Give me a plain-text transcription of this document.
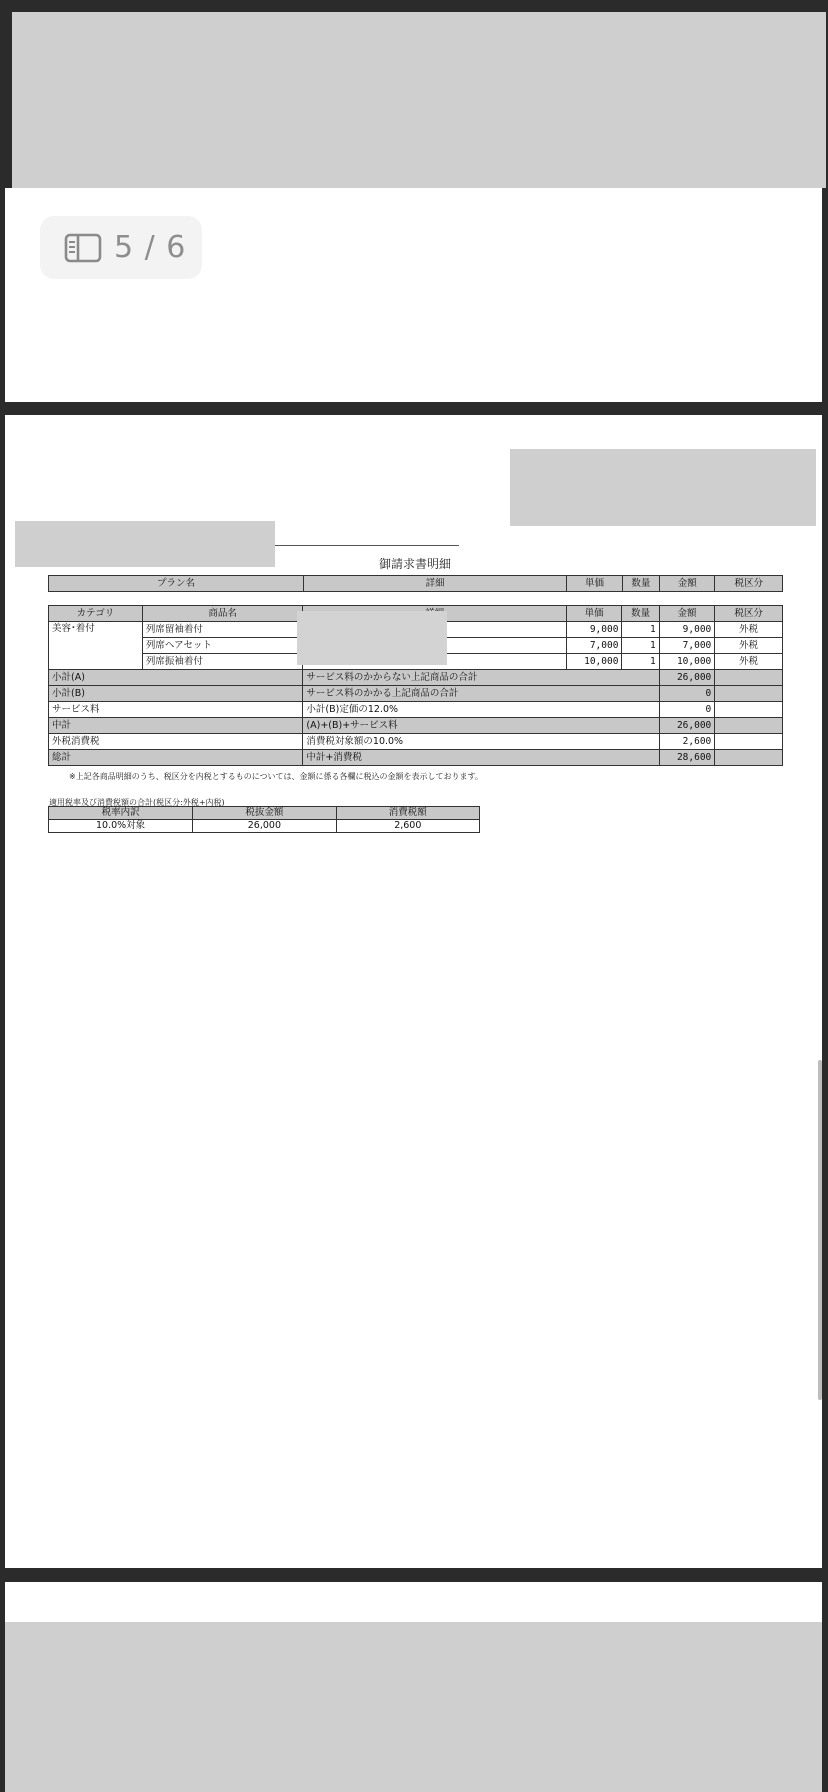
5 / 6
御請求書明細
プラン名	詳細	単価	数量	金額	税区分
カテゴリ	商品名		単価	数量	金額	税区分
美容･着付	列席留袖着付		9,000	1	9,000	外税
	列席ヘアセット		7,000	1	7,000	外税
	列席振袖着付		10,000	1	10,000	外税
小計(A)		サービス料のかからない上記商品の合計			26,000	
小計(B)		サービス料のかかる上記商品の合計			0	
サービス料		小計(B)定価の12.0%			0	
中計		(A)+(B)+サービス料			26,000	
外税消費税		消費税対象額の10.0%			2,600	
総計		中計+消費税			28,600	
※上記各商品明細のうち、税区分を内税とするものについては、金額に係る各欄に税込の金額を表示しております。
適用税率及び消費税額の合計(税区分:外税+内税)
税率内訳	税抜金額	消費税額
10.0%対象	26,000	2,600
